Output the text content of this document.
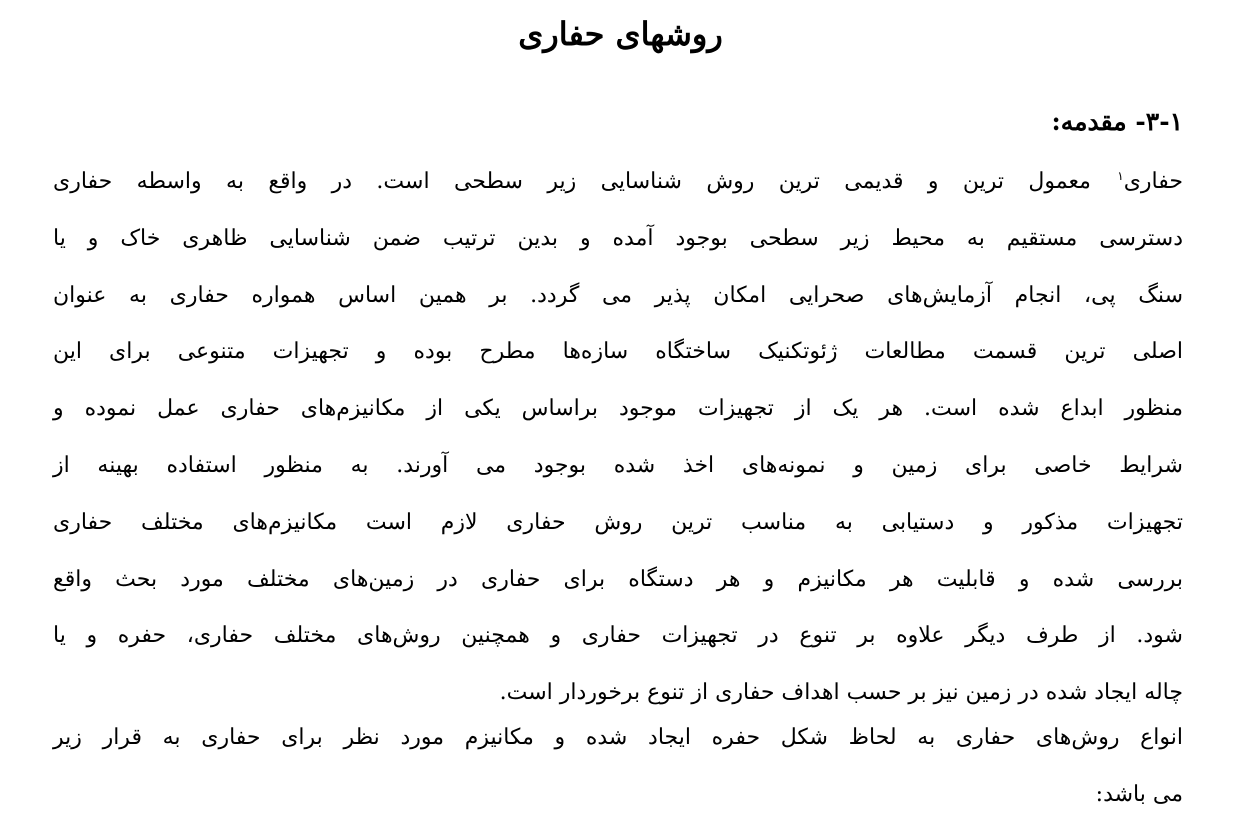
روشهای حفاری
۳-۱- مقدمه:
حفاری$^۱$ معمول ترین و قدیمی ترین روش شناسایی زیر سطحی است. در واقع به واسطه حفاری
دسترسی مستقیم به محیط زیر سطحی بوجود آمده و بدین ترتیب ضمن شناسایی ظاهری خاک و یا
سنگ پی، انجام آزمایش‌های صحرایی امکان پذیر می گردد. بر همین اساس همواره حفاری به عنوان
اصلی ترین قسمت مطالعات ژئوتکنیک ساختگاه سازه‌ها مطرح بوده و تجهیزات متنوعی برای این
منظور ابداع شده است. هر یک از تجهیزات موجود براساس یکی از مکانیزم‌های حفاری عمل نموده و
شرایط خاصی برای زمین و نمونه‌های اخذ شده بوجود می آورند. به منظور استفاده بهینه از
تجهیزات مذکور و دستیابی به مناسب ترین روش حفاری لازم است مکانیزم‌های مختلف حفاری
بررسی شده و قابلیت هر مکانیزم و هر دستگاه برای حفاری در زمین‌های مختلف مورد بحث واقع
شود. از طرف دیگر علاوه بر تنوع در تجهیزات حفاری و همچنین روش‌های مختلف حفاری، حفره و یا
چاله ایجاد شده در زمین نیز بر حسب اهداف حفاری از تنوع برخوردار است.
انواع روش‌های حفاری به لحاظ شکل حفره ایجاد شده و مکانیزم مورد نظر برای حفاری به قرار زیر
می باشد:
